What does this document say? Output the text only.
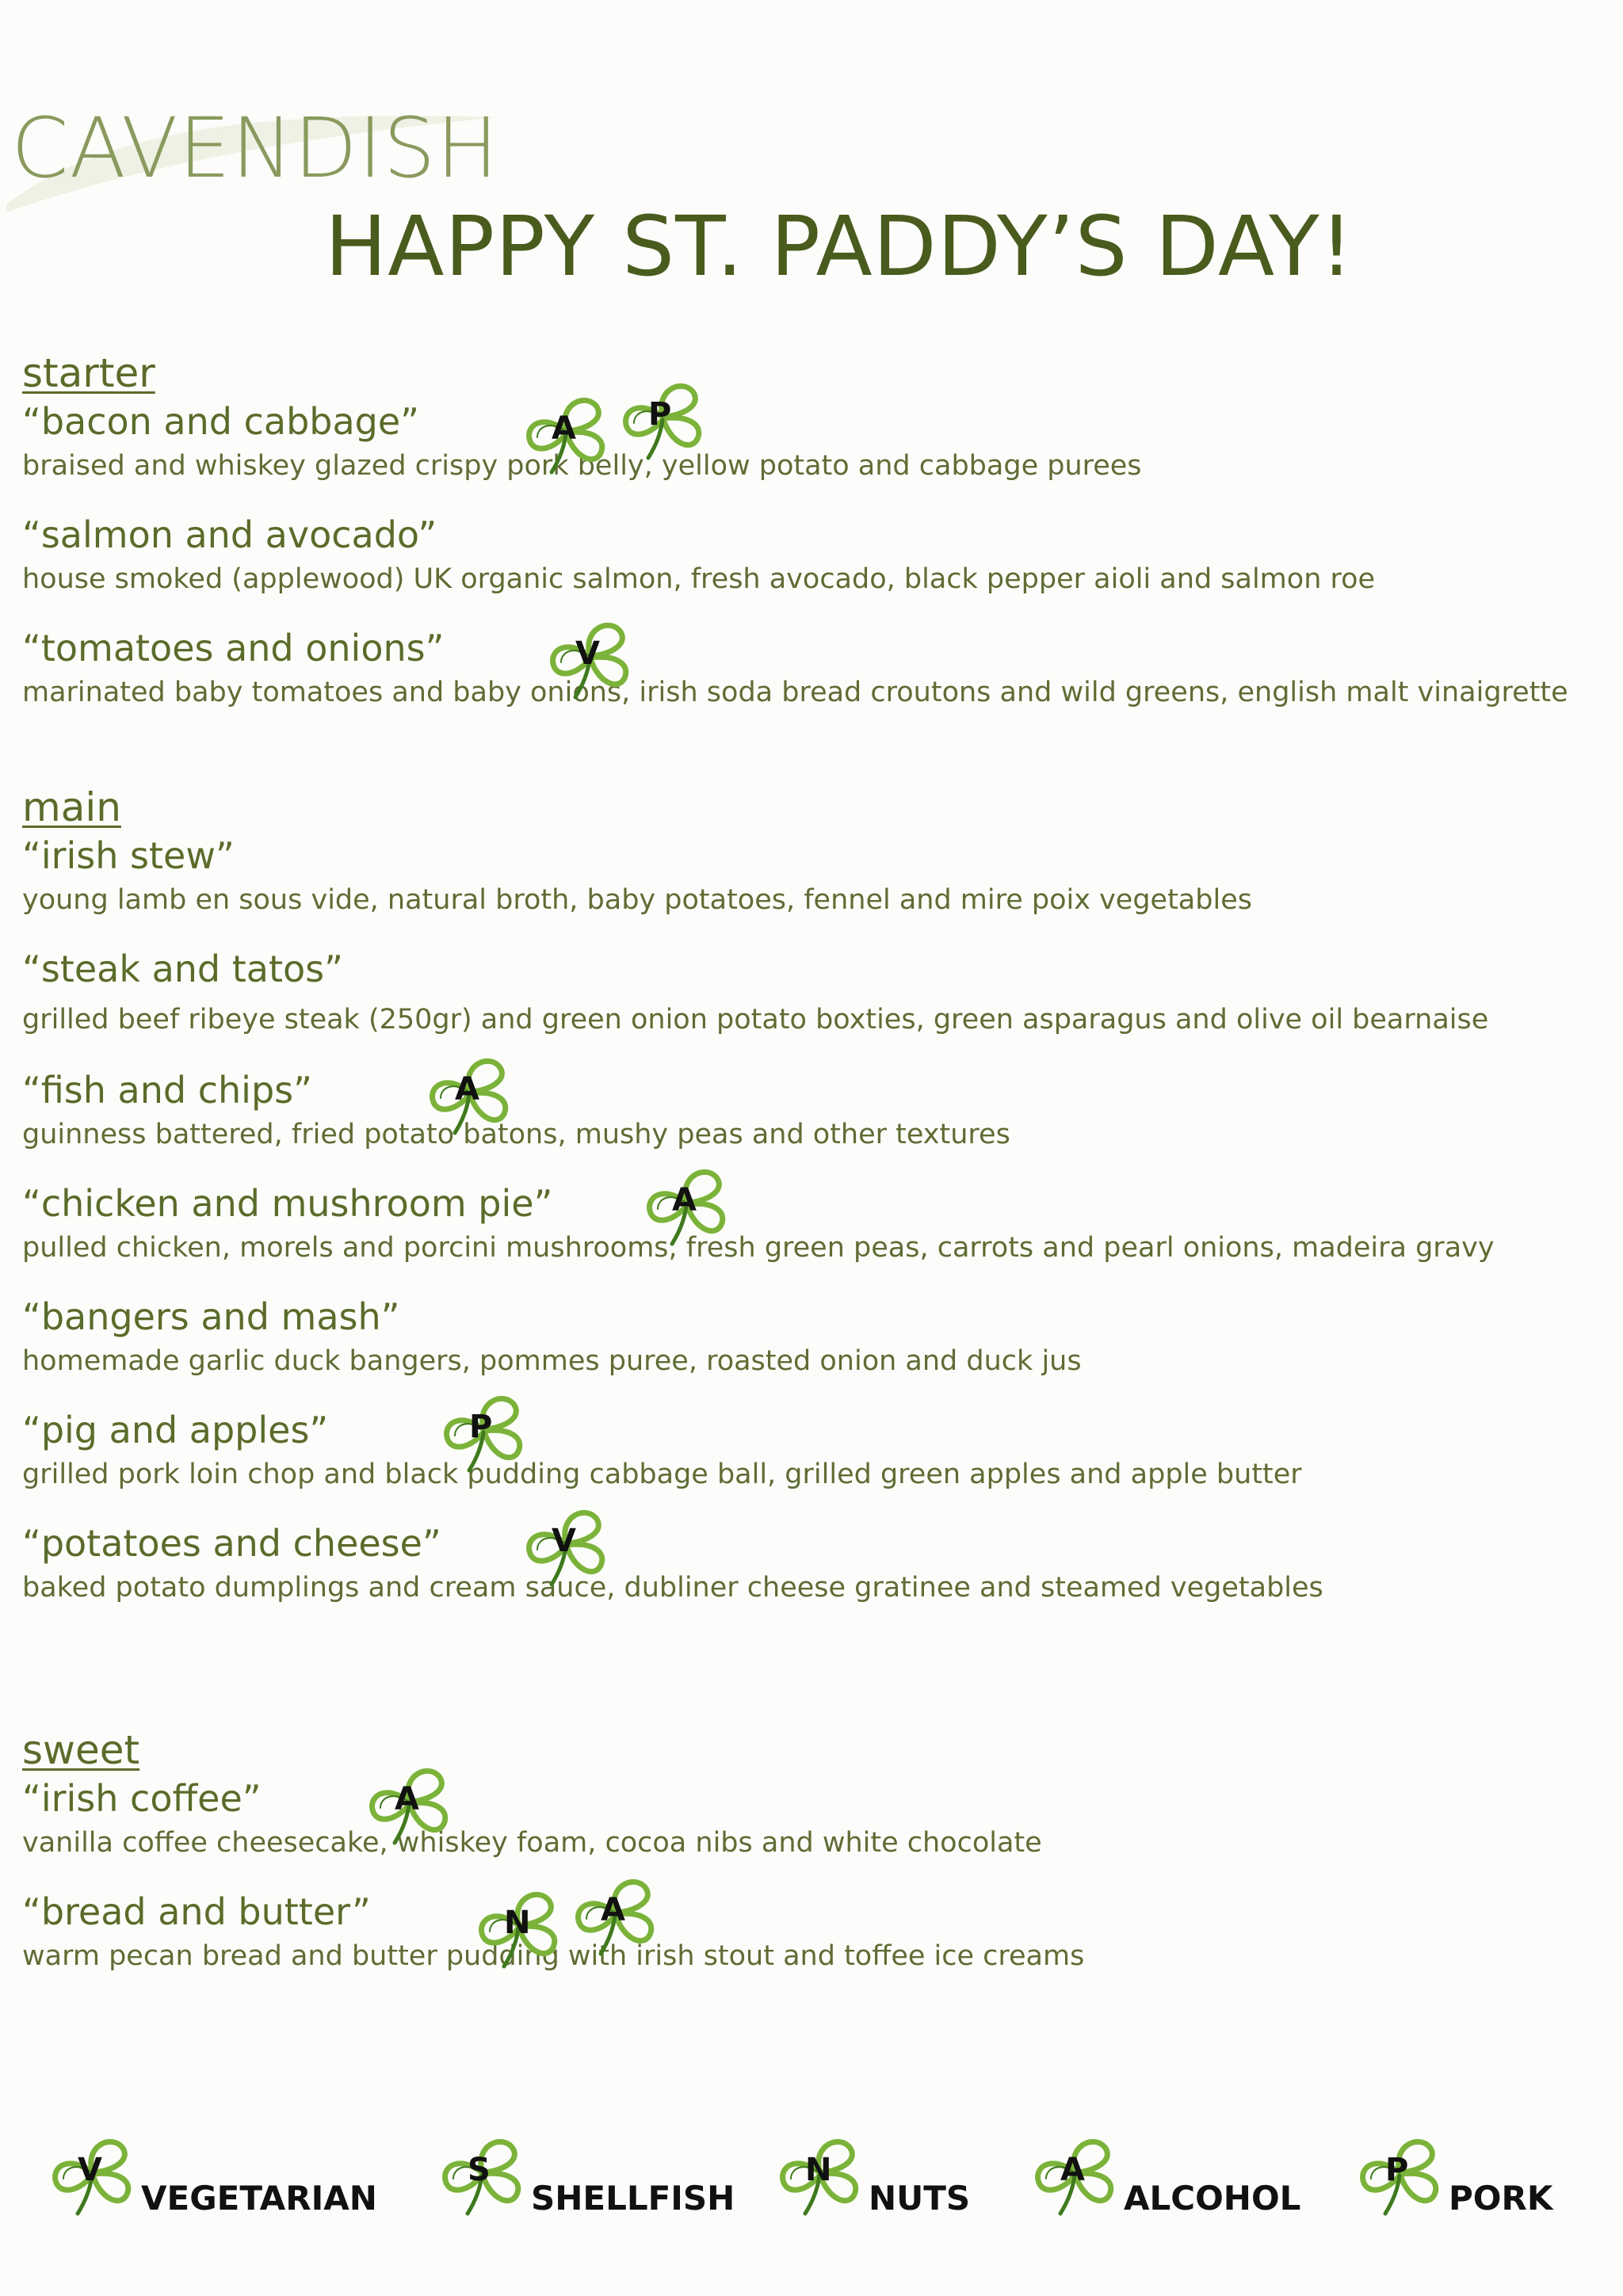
CAVENDISH
HAPPY ST. PADDY’S DAY!
starter
“bacon and cabbage”
braised and whiskey glazed crispy pork belly, yellow potato and cabbage purees
A P
“salmon and avocado”
house smoked (applewood) UK organic salmon, fresh avocado, black pepper aioli and salmon roe
“tomatoes and onions”
marinated baby tomatoes and baby onions, irish soda bread croutons and wild greens, english malt vinaigrette
V
main
“irish stew”
young lamb en sous vide, natural broth, baby potatoes, fennel and mire poix vegetables
“steak and tatos”
grilled beef ribeye steak (250gr) and green onion potato boxties, green asparagus and olive oil bearnaise
“fish and chips”
guinness battered, fried potato batons, mushy peas and other textures
A
“chicken and mushroom pie”
pulled chicken, morels and porcini mushrooms, fresh green peas, carrots and pearl onions, madeira gravy
A
“bangers and mash”
homemade garlic duck bangers, pommes puree, roasted onion and duck jus
“pig and apples”
grilled pork loin chop and black pudding cabbage ball, grilled green apples and apple butter
P
“potatoes and cheese”
baked potato dumplings and cream sauce, dubliner cheese gratinee and steamed vegetables
V
sweet
“irish coffee”
vanilla coffee cheesecake, whiskey foam, cocoa nibs and white chocolate
A
“bread and butter”
warm pecan bread and butter pudding with irish stout and toffee ice creams
N A
V
VEGETARIAN
S
SHELLFISH
N
NUTS
A
ALCOHOL
P
PORK
